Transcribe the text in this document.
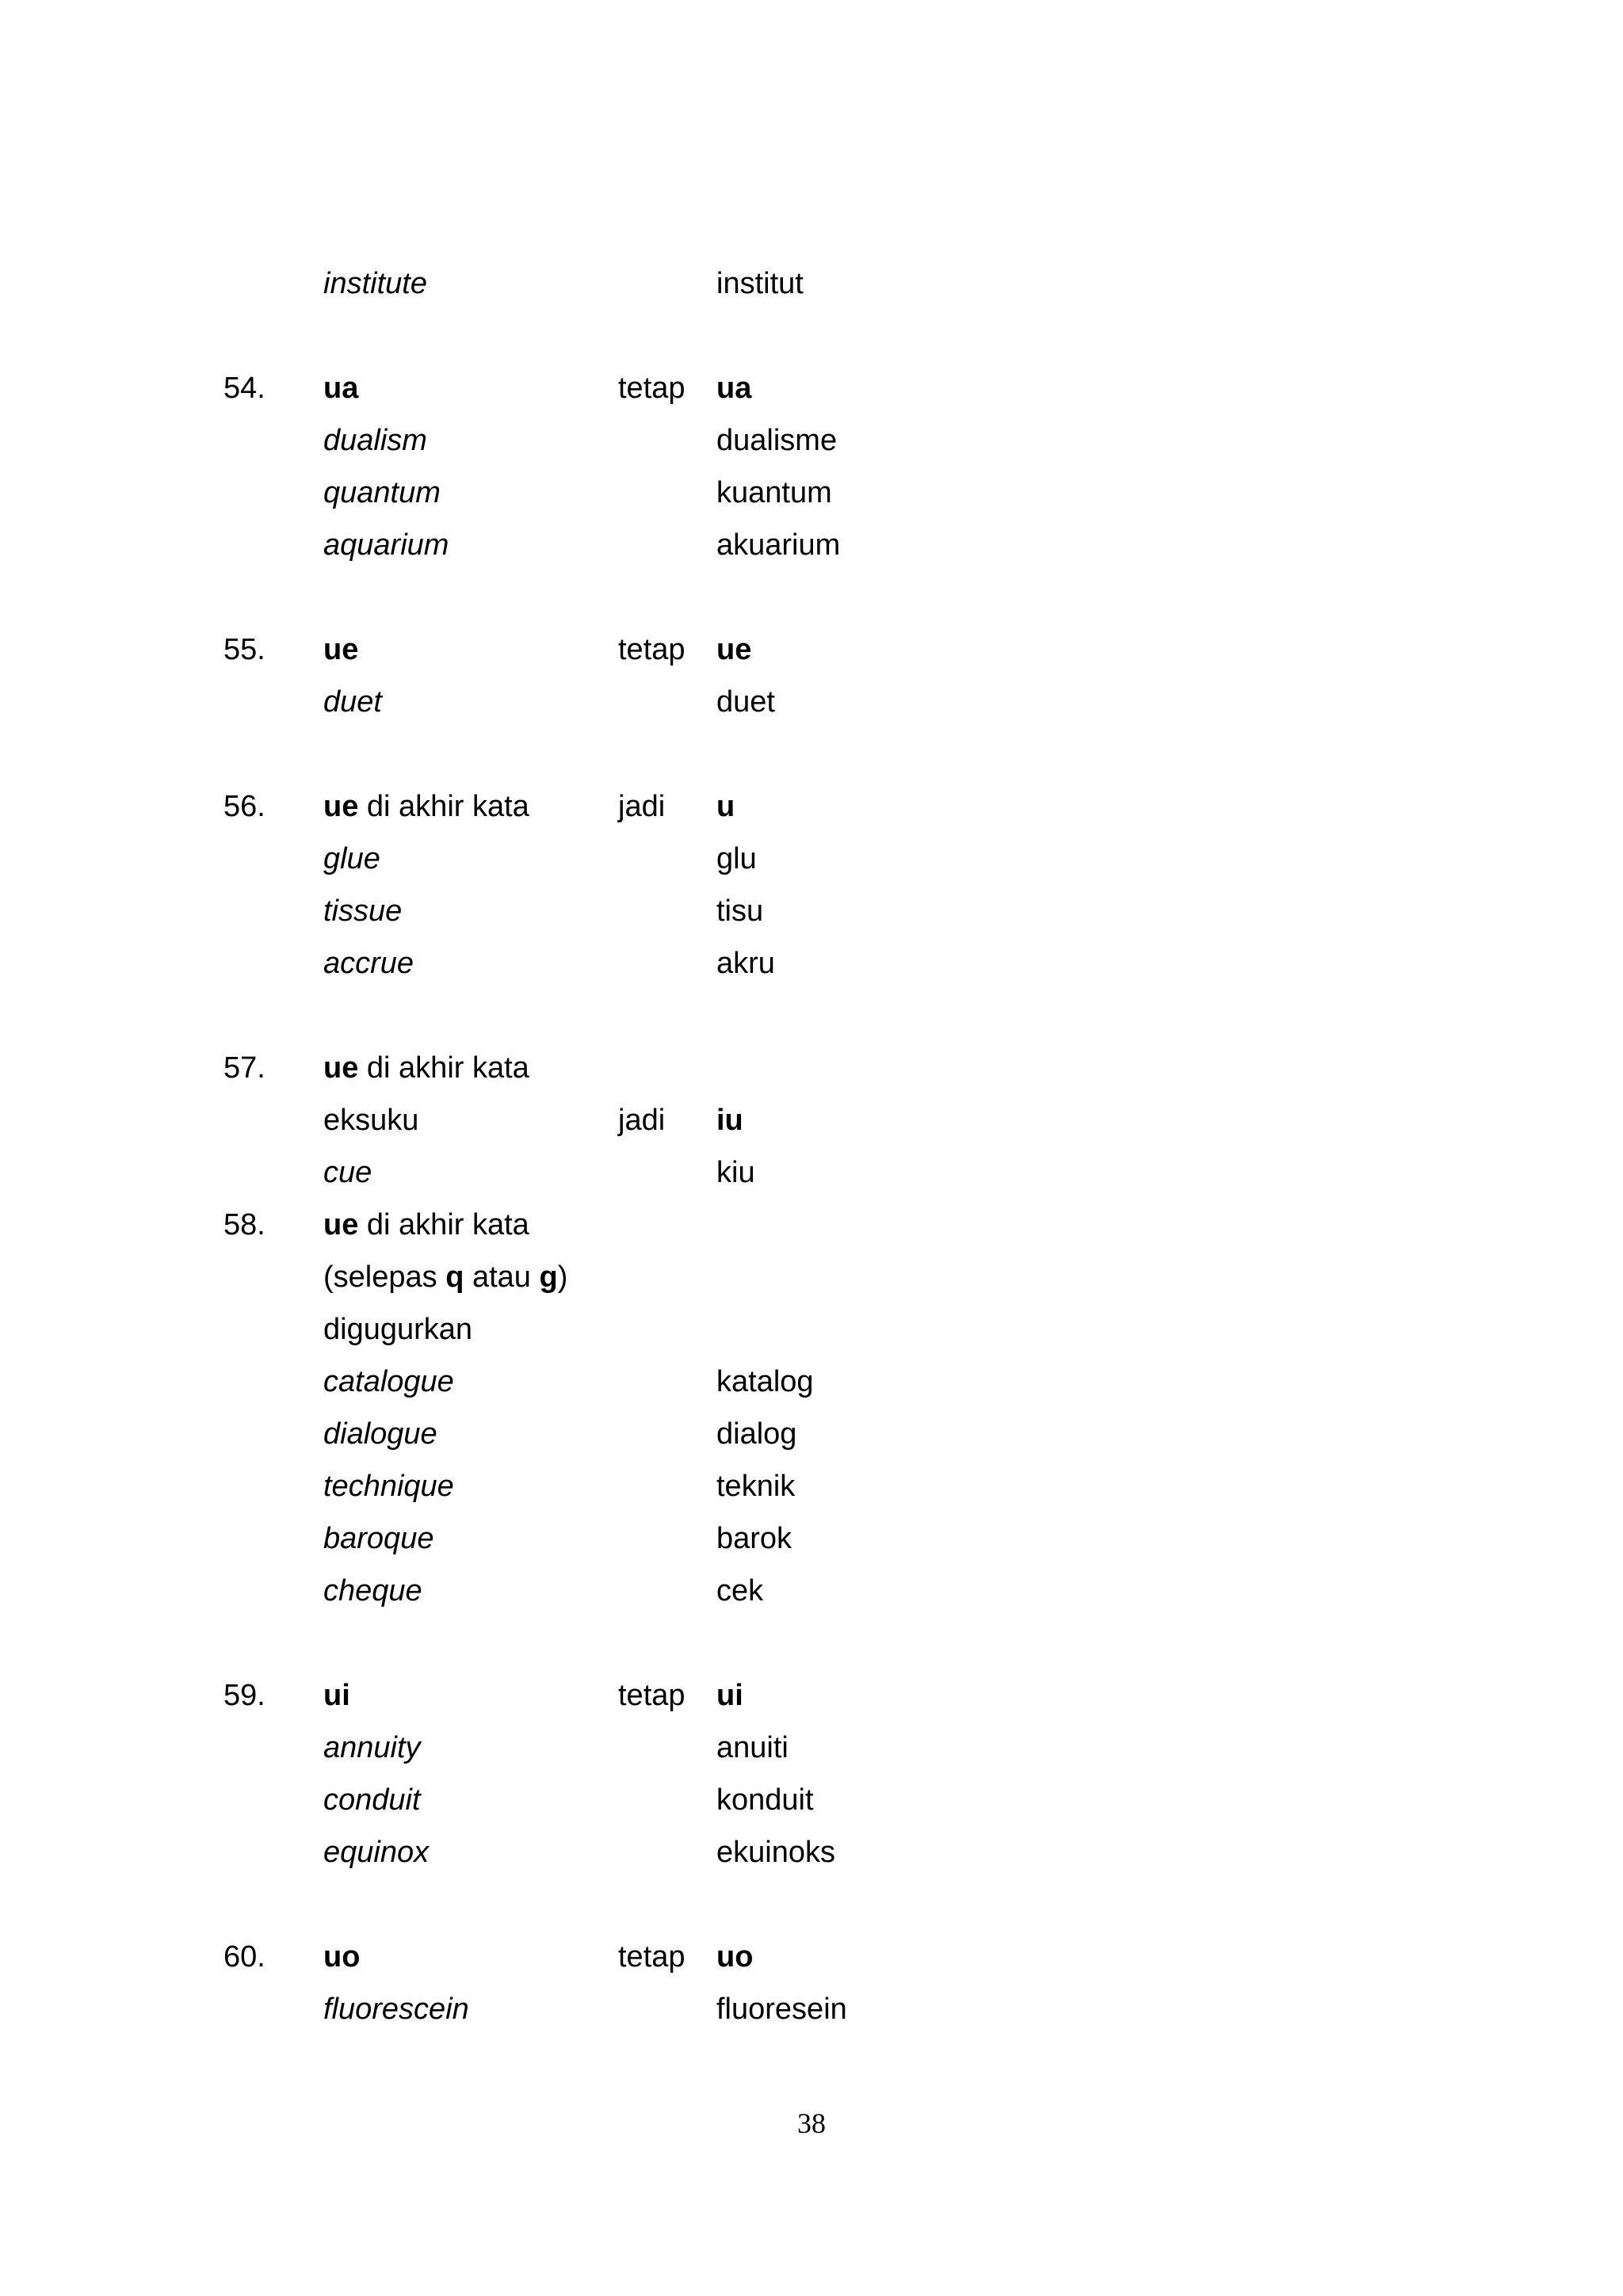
institute	institut
54. ua	tetap ua
dualism	dualisme
quantum	kuantum
aquarium	akuarium
55. ue	tetap ue
duet	duet
56. ue di akhir kata	jadi u
glue	glu
tissue	tisu
accrue	akru
57. ue di akhir kata
eksuku	jadi iu
cue	kiu
58. ue di akhir kata
(selepas q atau g)
digugurkan
catalogue	katalog
dialogue	dialog
technique	teknik
baroque	barok
cheque	cek
59. ui	tetap ui
annuity	anuiti
conduit	konduit
equinox	ekuinoks
60. uo	tetap uo
fluorescein	fluoresein
38
